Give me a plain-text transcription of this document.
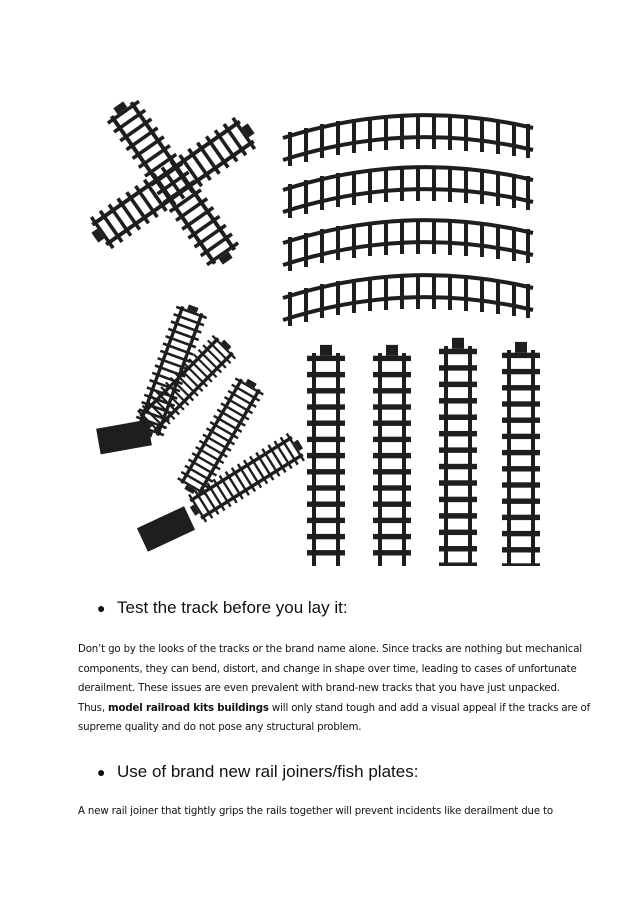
● Test the track before you lay it:
Don’t go by the looks of the tracks or the brand name alone. Since tracks are nothing but mechanical
components, they can bend, distort, and change in shape over time, leading to cases of unfortunate
derailment. These issues are even prevalent with brand-new tracks that you have just unpacked.
Thus, model railroad kits buildings will only stand tough and add a visual appeal if the tracks are of
supreme quality and do not pose any structural problem.
● Use of brand new rail joiners/fish plates:
A new rail joiner that tightly grips the rails together will prevent incidents like derailment due to
